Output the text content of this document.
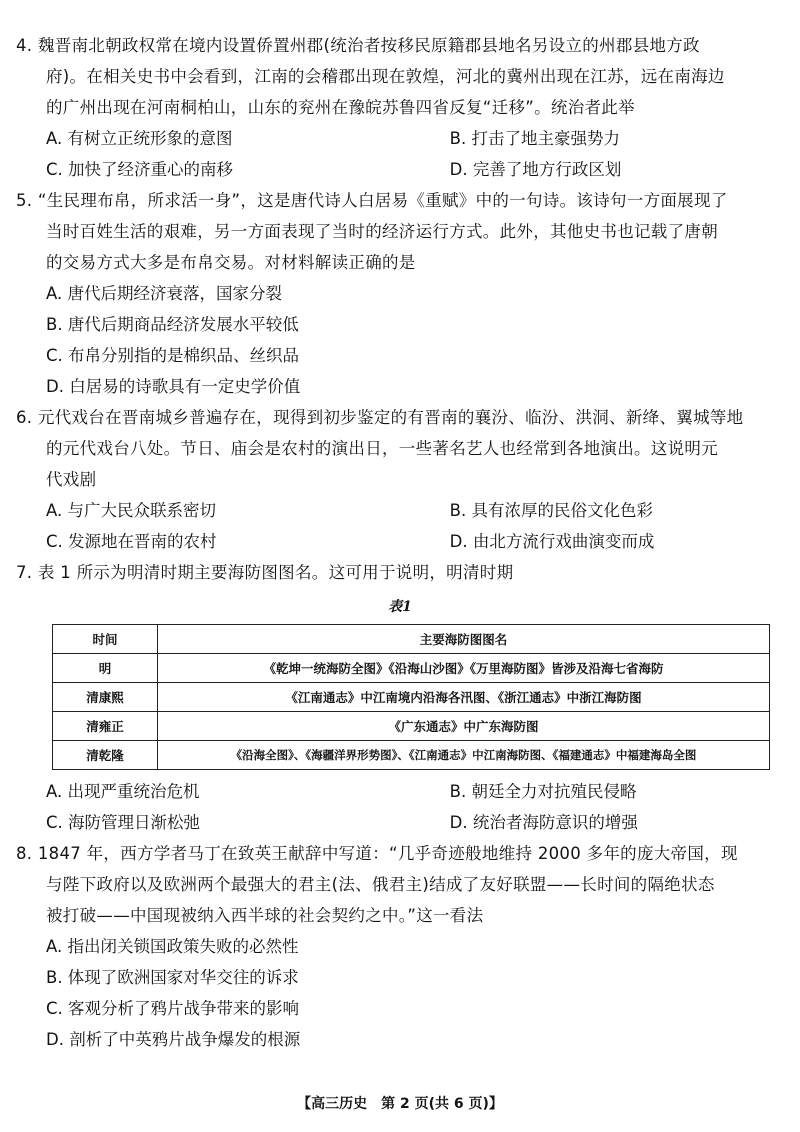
4. 魏晋南北朝政权常在境内设置侨置州郡(统治者按移民原籍郡县地名另设立的州郡县地方政
府)。在相关史书中会看到，江南的会稽郡出现在敦煌，河北的冀州出现在江苏，远在南海边
的广州出现在河南桐柏山，山东的兖州在豫皖苏鲁四省反复“迁移”。统治者此举
A. 有树立正统形象的意图	B. 打击了地主豪强势力
C. 加快了经济重心的南移	D. 完善了地方行政区划
5. “生民理布帛，所求活一身”，这是唐代诗人白居易《重赋》中的一句诗。该诗句一方面展现了
当时百姓生活的艰难，另一方面表现了当时的经济运行方式。此外，其他史书也记载了唐朝
的交易方式大多是布帛交易。对材料解读正确的是
A. 唐代后期经济衰落，国家分裂
B. 唐代后期商品经济发展水平较低
C. 布帛分别指的是棉织品、丝织品
D. 白居易的诗歌具有一定史学价值
6. 元代戏台在晋南城乡普遍存在，现得到初步鉴定的有晋南的襄汾、临汾、洪洞、新绛、翼城等地
的元代戏台八处。节日、庙会是农村的演出日，一些著名艺人也经常到各地演出。这说明元
代戏剧
A. 与广大民众联系密切	B. 具有浓厚的民俗文化色彩
C. 发源地在晋南的农村	D. 由北方流行戏曲演变而成
7. 表 1 所示为明清时期主要海防图图名。这可用于说明，明清时期
表1
时间	主要海防图图名
明	《乾坤一统海防全图》《沿海山沙图》《万里海防图》皆涉及沿海七省海防
清康熙	《江南通志》中江南境内沿海各汛图、《浙江通志》中浙江海防图
清雍正	《广东通志》中广东海防图
清乾隆	《沿海全图》、《海疆洋界形势图》、《江南通志》中江南海防图、《福建通志》中福建海岛全图
A. 出现严重统治危机	B. 朝廷全力对抗殖民侵略
C. 海防管理日渐松弛	D. 统治者海防意识的增强
8. 1847 年，西方学者马丁在致英王献辞中写道：“几乎奇迹般地维持 2000 多年的庞大帝国，现
与陛下政府以及欧洲两个最强大的君主(法、俄君主)结成了友好联盟——长时间的隔绝状态
被打破——中国现被纳入西半球的社会契约之中。”这一看法
A. 指出闭关锁国政策失败的必然性
B. 体现了欧洲国家对华交往的诉求
C. 客观分析了鸦片战争带来的影响
D. 剖析了中英鸦片战争爆发的根源
【高三历史　第 2 页(共 6 页)】
